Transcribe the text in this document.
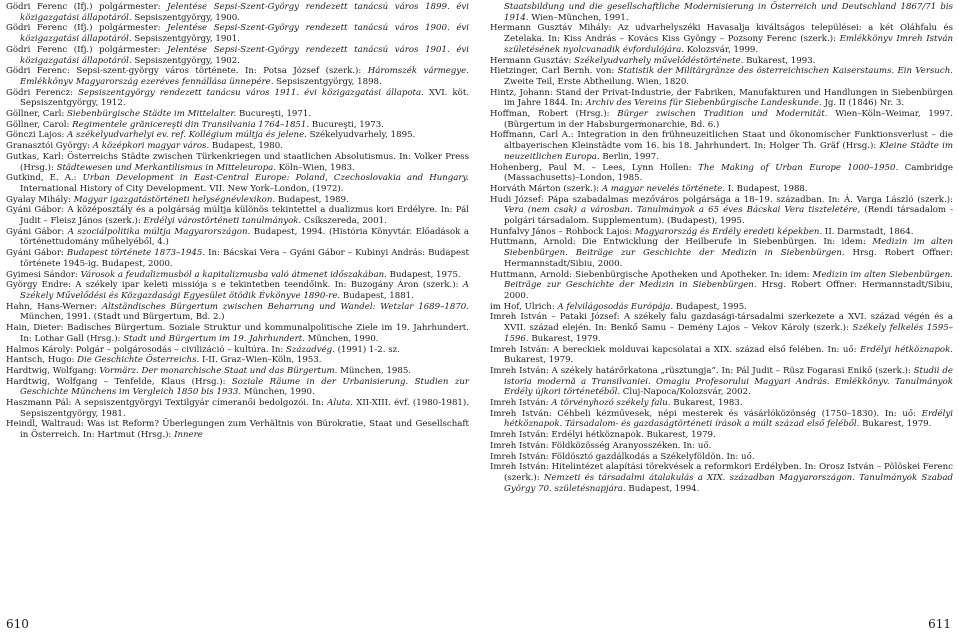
Gödri Ferenc (Ifj.) polgármester: Jelentése Sepsi-Szent-György rendezett tanácsú város 1899. évi közigazgatási állapotáról. Sepsiszentgyörgy, 1900.

Gödri Ferenc (Ifj.) polgármester: Jelentése Sepsi-Szent-György rendezett tanácsú város 1900. évi közigazgatási állapotáról. Sepsiszentgyörgy, 1901.

Gödri Ferenc (Ifj.) polgármester: Jelentése Sepsi-Szent-György rendezett tanácsú város 1901. évi közigazgatási állapotáról. Sepsiszentgyörgy, 1902.

Gödri Ferenc: Sepsi-szent-györgy város története. In: Potsa József (szerk.): Háromszék vármegye. Emlékkönyv Magyarország ezeréves fennállása ünnepére. Sepsiszentgyörgy, 1898.

Gödri Ferencz: Sepsiszentgyörgy rendezett tanácsu város 1911. évi közigazgatási állapota. XVI. köt. Sepsiszentgyörgy, 1912.

Göllner, Carl: Siebenbürgische Städte im Mittelalter. Bucureşti, 1971.

Göllner, Carol: Regimentele grănicereşti din Transilvania 1764–1851. Bucureşti, 1973.

Gönczi Lajos: A székelyudvarhelyi ev. ref. Kollégium múltja és jelene. Székelyudvarhely, 1895.

Granasztói György: A középkori magyar város. Budapest, 1980.

Gutkas, Karl: Österreichs Städte zwischen Türkenkriegen und staatlichen Absolutismus. In: Volker Press (Hrsg.): Städtewesen und Merkantilismus in Mitteleuropa. Köln–Wien, 1983.

Gutkind, E. A.: Urban Development in East-Central Europe: Poland, Czechoslovakia and Hungary. International History of City Development. VII. New York–London, (1972).

Gyalay Mihály: Magyar igazgatástörténeti helységnévlexikon. Budapest, 1989.

Gyáni Gábor: A középosztály és a polgárság múltja különös tekintettel a dualizmus kori Erdélyre. In: Pál Judit – Fleisz János (szerk.): Erdélyi várostörténeti tanulmányok. Csíkszereda, 2001.

Gyáni Gábor: A szociálpolitika múltja Magyarországon. Budapest, 1994. (História Könyvtár. Előadások a történettudomány műhelyéből, 4.)

Gyáni Gábor: Budapest története 1873–1945. In: Bácskai Vera – Gyáni Gábor – Kubinyi András: Budapest története 1945-ig. Budapest, 2000.

Gyimesi Sándor: Városok a feudalizmusból a kapitalizmusba való átmenet időszakában. Budapest, 1975.

György Endre: A székely ipar keleti missiója s e tekintetben teendőink. In: Buzogány Áron (szerk.): A Székely Művelődési és Közgazdasági Egyesület ötödik Évkönyve 1890-re. Budapest, 1881.

Hahn, Hans-Werner: Altständisches Bürgertum zwischen Beharrung und Wandel: Wetzlar 1689–1870. München, 1991. (Stadt und Bürgertum, Bd. 2.)

Hain, Dieter: Badisches Bürgertum. Soziale Struktur und kommunalpolitische Ziele im 19. Jahrhundert. In: Lothar Gall (Hrsg.): Stadt und Bürgertum im 19. Jahrhundert. München, 1990.

Halmos Károly: Polgár – polgárosodás – civilizáció – kultúra. In: Századvég. (1991) 1-2. sz.

Hantsch, Hugo: Die Geschichte Österreichs. I-II. Graz–Wien–Köln, 1953.

Hardtwig, Wolfgang: Vormärz. Der monarchische Staat und das Bürgertum. München, 1985.

Hardtwig, Wolfgang – Tenfelde, Klaus (Hrsg.): Soziale Räume in der Urbanisierung. Studien zur Geschichte Münchens im Vergleich 1850 bis 1933. München, 1990.

Haszmann Pál: A sepsiszentgyörgyi Textilgyár címeranői bedolgozói. In: Aluta. XII-XIII. évf. (1980-1981). Sepsiszentgyörgy, 1981.

Heindl, Waltraud: Was ist Reform? Überlegungen zum Verhältnis von Bürokratie, Staat und Gesellschaft in Österreich. In: Hartmut (Hrsg.): Innere

Staatsbildung und die gesellschaftliche Modernisierung in Österreich und Deutschland 1867/71 bis 1914. Wien–München, 1991.

Hermann Gusztáv Mihály: Az udvarhelyszéki Havasalja kiváltságos települései: a két Oláhfalu és Zetelaka. In: Kiss András – Kovács Kiss Gyöngy – Pozsony Ferenc (szerk.): Emlékkönyv Imreh István születésének nyolcvanadik évfordulójára. Kolozsvár, 1999.

Hermann Gusztáv: Székelyudvarhely művelődéstörténete. Bukarest, 1993.

Hietzinger, Carl Bernh. von: Statistik der Militärgränze des österreichischen Kaiserstaums. Ein Versuch. Zweite Teil, Erste Abtheilung. Wien, 1820.

Hintz, Johann: Stand der Privat-Industrie, der Fabriken, Manufakturen und Handlungen in Siebenbürgen im Jahre 1844. In: Archiv des Vereins für Siebenbürgische Landeskunde. Jg. II (1846) Nr. 3.

Hoffman, Robert (Hrsg.): Bürger zwischen Tradition und Modernität. Wien–Köln–Weimar, 1997. (Bürgertum in der Habsburgermonarchie, Bd. 6.)

Hoffmann, Carl A.: Integration in den frühneuzeitlichen Staat und ökonomischer Funktionsverlust – die altbayerischen Kleinstädte vom 16. bis 18. Jahrhundert. In: Holger Th. Gräf (Hrsg.): Kleine Städte im neuzeitlichen Europa. Berlin, 1997.

Hohenberg, Paul M. – Lees, Lynn Hollen: The Making of Urban Europe 1000–1950. Cambridge (Massachusetts)–London, 1985.

Horváth Márton (szerk.): A magyar nevelés története. I. Budapest, 1988.

Hudi József: Pápa szabadalmas mezőváros polgársága a 18–19. században. In: Á. Varga László (szerk.): Vera (nem csak) a városban. Tanulmányok a 65 éves Bácskai Vera tiszteletére, (Rendi társadalom - polgári társadalom. Supplementum). (Budapest), 1995.

Hunfalvy János – Rohbock Lajos: Magyarország és Erdély eredeti képekben. II. Darmstadt, 1864.

Huttmann, Arnold: Die Entwicklung der Heilberufe in Siebenbürgen. In: idem: Medizin im alten Siebenbürgen. Beiträge zur Geschichte der Medizin in Siebenbürgen. Hrsg. Robert Offner: Hermannstadt/Sibiu, 2000.

Huttmann, Arnold: Siebenbürgische Apotheken und Apotheker. In: idem: Medizin im alten Siebenbürgen. Beiträge zur Geschichte der Medizin in Siebenbürgen. Hrsg. Robert Offner: Hermannstadt/Sibiu, 2000.

im Hof, Ulrich: A felvilágosodás Európája. Budapest, 1995.

Imreh István – Pataki József: A székely falu gazdasági-társadalmi szerkezete a XVI. század végén és a XVII. század elején. In: Benkő Samu – Demény Lajos – Vekov Károly (szerk.): Székely felkelés 1595–1596. Bukarest, 1979.

Imreh István: A bereckiek molduvai kapcsolatai a XIX. század első felében. In: uő: Erdélyi hétköznapok. Bukarest, 1979.

Imreh István: A székely határőrkatona „rüsztungja”. In: Pál Judit – Rüsz Fogarasi Enikő (szerk.): Studii de istoria modernă a Transilvaniei. Omagiu Profesorului Magyari András. Emlékkönyv. Tanulmányok Erdély újkori történetéből. Cluj-Napoca/Kolozsvár, 2002.

Imreh István: A törvényhozó székely falu. Bukarest, 1983.

Imreh István: Céhbeli kézművesek, népi mesterek és vásárlóközönség (1750–1830). In: uő: Erdélyi hétköznapok. Társadalom- és gazdaságtörténeti írások a múlt század első feléből. Bukarest, 1979.

Imreh István: Erdélyi hétköznapok. Bukarest, 1979.

Imreh István: Földközösség Aranyosszéken. In: uő.

Imreh István: Földösztó gazdálkodás a Székelyföldön. In: uő.

Imreh István: Hitelintézet alapítási törekvések a reformkori Erdélyben. In: Orosz István – Pölöskei Ferenc (szerk.): Nemzeti és társadalmi átalakulás a XIX. században Magyarországon. Tanulmányok Szabad György 70. születésnapjára. Budapest, 1994.

610	611
